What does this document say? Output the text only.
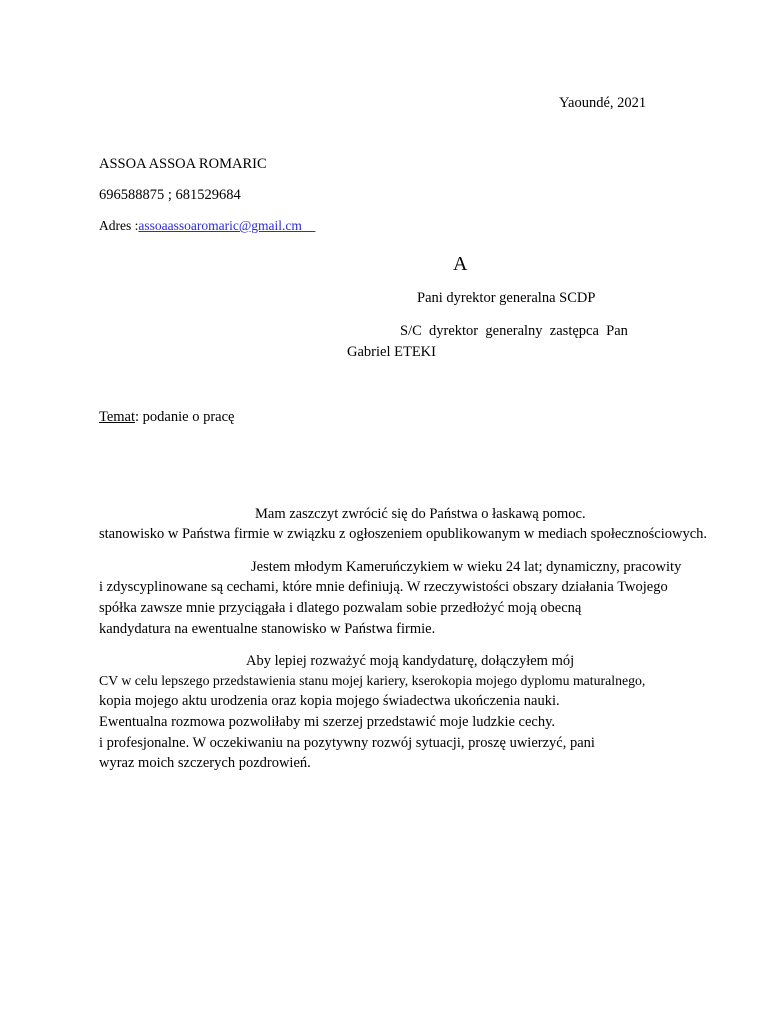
Yaoundé, 2021
ASSOA ASSOA ROMARIC
696588875 ; 681529684
Adres :assoaassoaromaric@gmail.cm
A
Pani dyrektor generalna SCDP
S/C  dyrektor  generalny  zastępca  Pan
Gabriel ETEKI
Temat: podanie o pracę
Mam zaszczyt zwrócić się do Państwa o łaskawą pomoc.
stanowisko w Państwa firmie w związku z ogłoszeniem opublikowanym w mediach społecznościowych.
Jestem młodym Kameruńczykiem w wieku 24 lat; dynamiczny, pracowity
i zdyscyplinowane są cechami, które mnie definiują. W rzeczywistości obszary działania Twojego
spółka zawsze mnie przyciągała i dlatego pozwalam sobie przedłożyć moją obecną
kandydatura na ewentualne stanowisko w Państwa firmie.
Aby lepiej rozważyć moją kandydaturę, dołączyłem mój
CV w celu lepszego przedstawienia stanu mojej kariery, kserokopia mojego dyplomu maturalnego,
kopia mojego aktu urodzenia oraz kopia mojego świadectwa ukończenia nauki.
Ewentualna rozmowa pozwoliłaby mi szerzej przedstawić moje ludzkie cechy.
i profesjonalne. W oczekiwaniu na pozytywny rozwój sytuacji, proszę uwierzyć, pani
wyraz moich szczerych pozdrowień.
